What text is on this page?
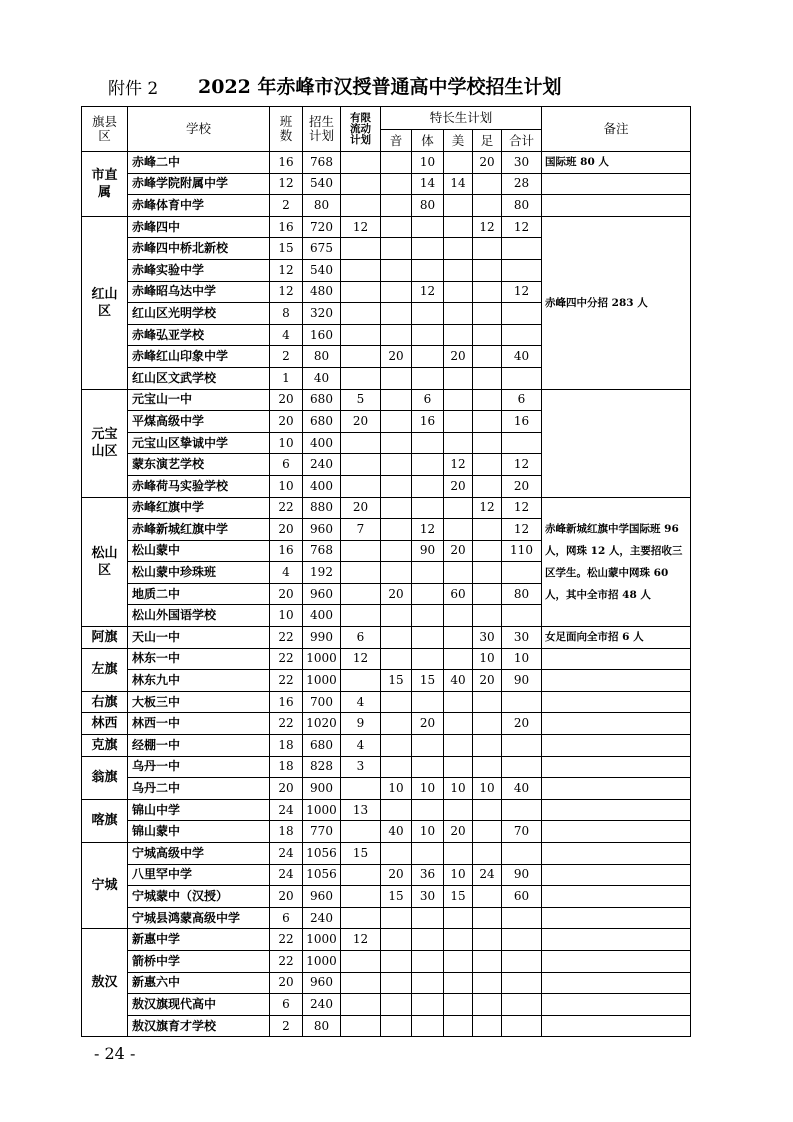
附件 2 2022 年赤峰市汉授普通高中学校招生计划
旗县区	学校	班数	招生计划	有限流动计划	特长生计划					备注
					音	体	美	足	合计	
市直属	赤峰二中	16	768			10		20	30	国际班 80 人
	赤峰学院附属中学	12	540			14	14		28	
	赤峰体育中学	2	80			80			80	
红山区	赤峰四中	16	720	12				12	12	赤峰四中分招 283 人
	赤峰四中桥北新校	15	675							
	赤峰实验中学	12	540							
	赤峰昭乌达中学	12	480			12			12	
	红山区光明学校	8	320							
	赤峰弘亚学校	4	160							
	赤峰红山印象中学	2	80		20		20		40	
	红山区文武学校	1	40							
元宝山区	元宝山一中	20	680	5		6			6	
	平煤高级中学	20	680	20		16			16	
	元宝山区挚诚中学	10	400							
	蒙东演艺学校	6	240				12		12	
	赤峰荷马实验学校	10	400				20		20	
松山区	赤峰红旗中学	22	880	20				12	12	赤峰新城红旗中学国际班 96 人，网珠 12 人，主要招收三区学生。松山蒙中网珠 60 人，其中全市招 48 人
	赤峰新城红旗中学	20	960	7		12			12	
	松山蒙中	16	768			90	20		110	
	松山蒙中珍珠班	4	192							
	地质二中	20	960		20		60		80	
	松山外国语学校	10	400							
阿旗	天山一中	22	990	6				30	30	女足面向全市招 6 人
左旗	林东一中	22	1000	12				10	10	
	林东九中	22	1000		15	15	40	20	90	
右旗	大板三中	16	700	4						
林西	林西一中	22	1020	9		20			20	
克旗	经棚一中	18	680	4						
翁旗	乌丹一中	18	828	3						
	乌丹二中	20	900		10	10	10	10	40	
喀旗	锦山中学	24	1000	13						
	锦山蒙中	18	770		40	10	20		70	
宁城	宁城高级中学	24	1056	15						
	八里罕中学	24	1056		20	36	10	24	90	
	宁城蒙中（汉授）	20	960		15	30	15		60	
	宁城县鸿蒙高级中学	6	240							
敖汉	新惠中学	22	1000	12						
	箭桥中学	22	1000							
	新惠六中	20	960							
	敖汉旗现代高中	6	240							
	敖汉旗育才学校	2	80							
- 24 -
